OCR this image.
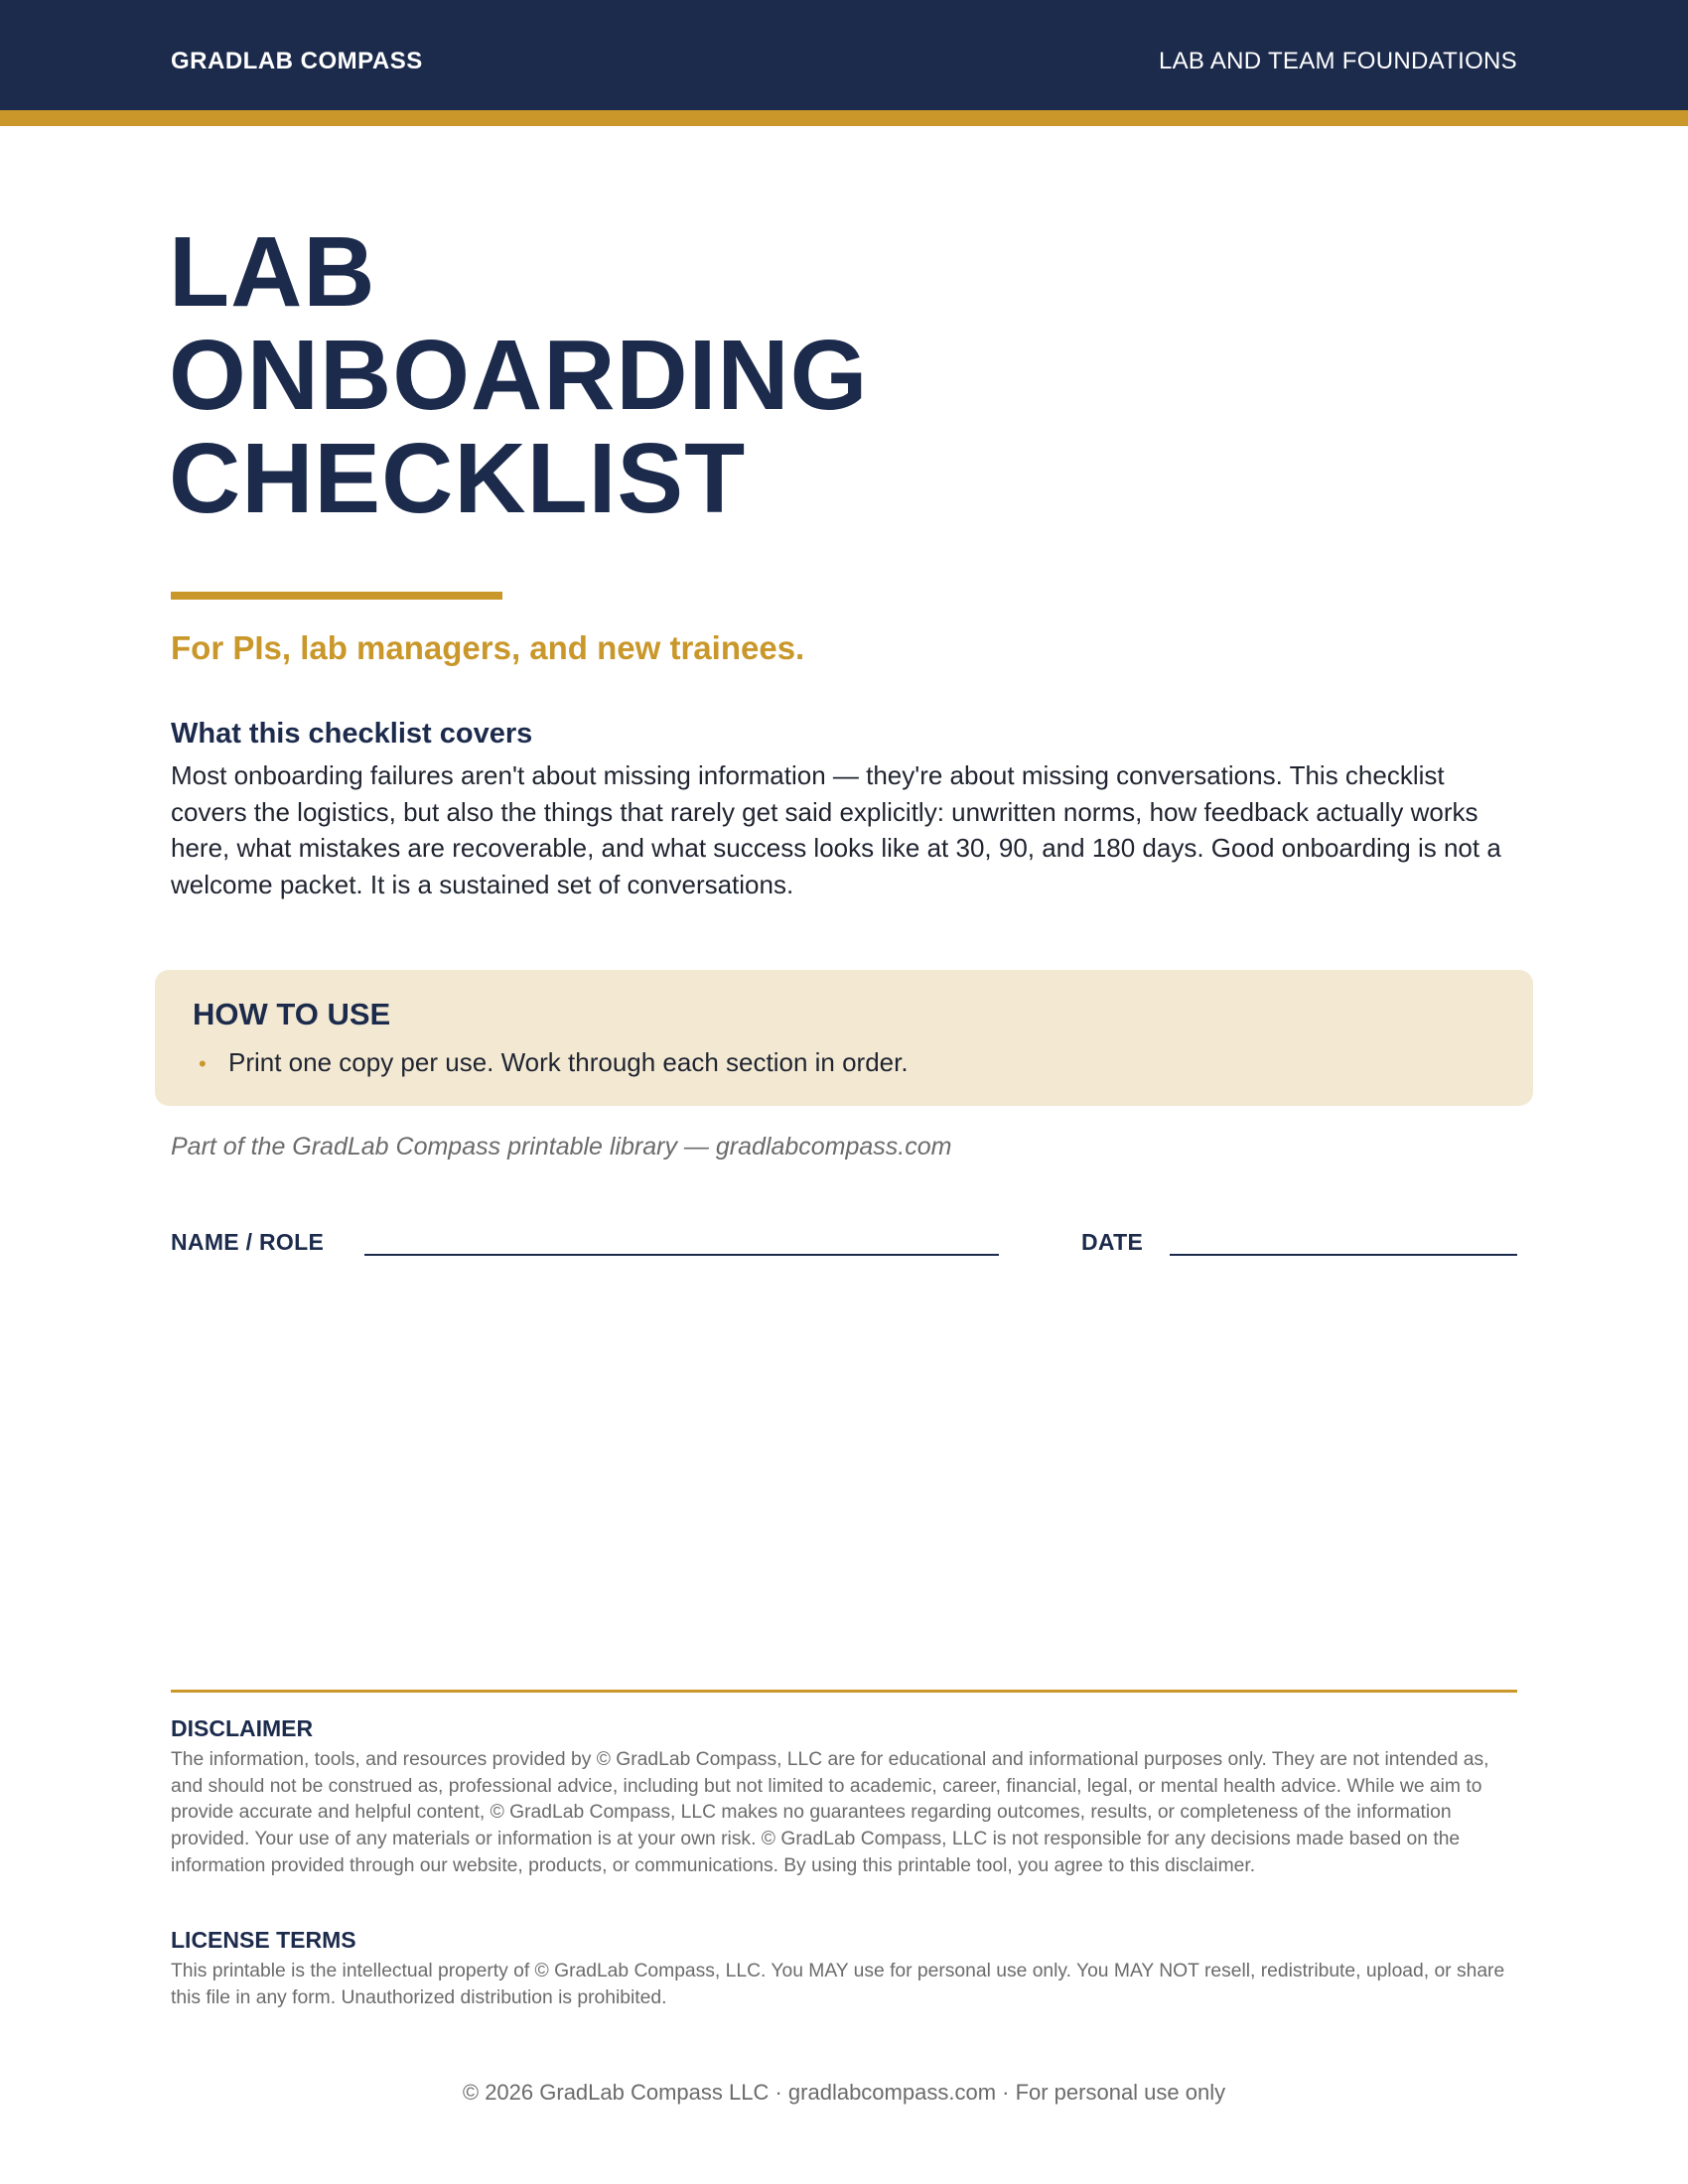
GRADLAB COMPASS	LAB AND TEAM FOUNDATIONS
LAB
ONBOARDING
CHECKLIST
For PIs, lab managers, and new trainees.
What this checklist covers

Most onboarding failures aren't about missing information — they're about missing conversations. This checklist covers the logistics, but also the things that rarely get said explicitly: unwritten norms, how feedback actually works here, what mistakes are recoverable, and what success looks like at 30, 90, and 180 days. Good onboarding is not a welcome packet. It is a sustained set of conversations.

HOW TO USE
• Print one copy per use. Work through each section in order.
Part of the GradLab Compass printable library — gradlabcompass.com
NAME / ROLE	DATE
DISCLAIMER

The information, tools, and resources provided by © GradLab Compass, LLC are for educational and informational purposes only. They are not intended as, and should not be construed as, professional advice, including but not limited to academic, career, financial, legal, or mental health advice. While we aim to provide accurate and helpful content, © GradLab Compass, LLC makes no guarantees regarding outcomes, results, or completeness of the information provided. Your use of any materials or information is at your own risk. © GradLab Compass, LLC is not responsible for any decisions made based on the information provided through our website, products, or communications. By using this printable tool, you agree to this disclaimer.

LICENSE TERMS

This printable is the intellectual property of © GradLab Compass, LLC. You MAY use for personal use only. You MAY NOT resell, redistribute, upload, or share this file in any form. Unauthorized distribution is prohibited.

© 2026 GradLab Compass LLC · gradlabcompass.com · For personal use only
